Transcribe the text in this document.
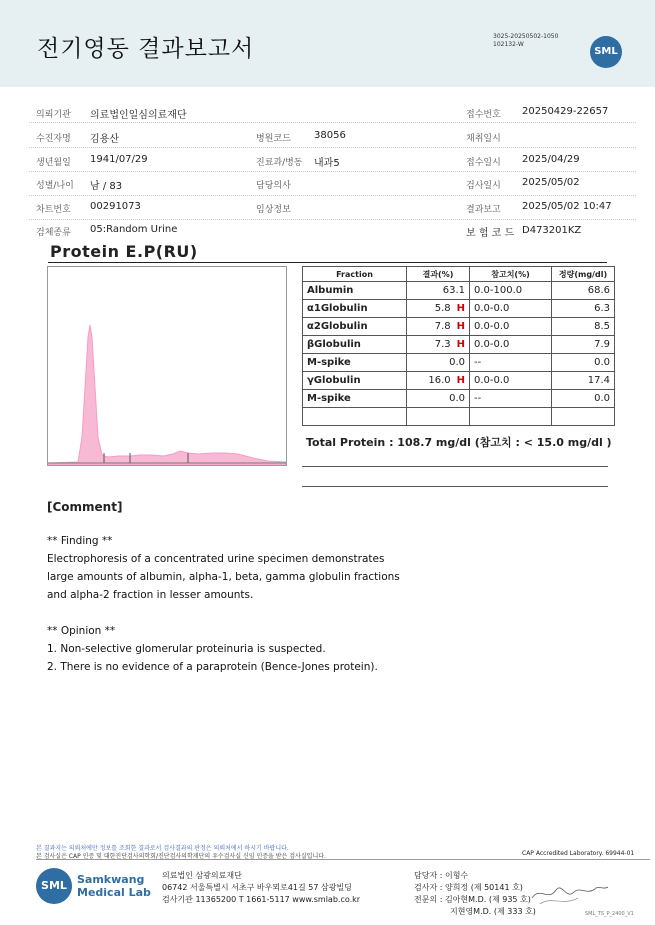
전기영동 결과보고서	3025-20250502-1050
102132-W
SML
의뢰기관 의료법인일심의료재단	접수번호 20250429-22657
수진자명 김용산	병원코드 38056	채취일시
생년월일 1941/07/29	진료과/병동 내과5	접수일시 2025/04/29
성별/나이 남 / 83	담당의사	검사일시 2025/05/02
차트번호 00291073	임상정보	결과보고 2025/05/02 10:47
검체종류 05:Random Urine	보 험 코 드 D473201KZ
Protein E.P(RU)
Fraction	결과(%)	참고치(%)	정량(mg/dl)
Albumin	63.1	0.0-100.0	68.6
α1Globulin	5.8 H	0.0-0.0	6.3
α2Globulin	7.8 H	0.0-0.0	8.5
βGlobulin	7.3 H	0.0-0.0	7.9
M-spike	0.0	--	0.0
γGlobulin	16.0 H	0.0-0.0	17.4
M-spike	0.0	--	0.0

Total Protein : 108.7 mg/dl (참고치 : < 15.0 mg/dl )
[Comment]
** Finding **
Electrophoresis of a concentrated urine specimen demonstrates
large amounts of albumin, alpha-1, beta, gamma globulin fractions
and alpha-2 fraction in lesser amounts.
** Opinion **
1. Non-selective glomerular proteinuria is suspected.
2. There is no evidence of a paraprotein (Bence-Jones protein).
본 결과지는 의뢰처에만 정보를 조회한 결과로서 검사결과의 판정은 의뢰처에서 하시기 바랍니다.
본 검사실은 CAP 인증 및 대한진단검사의학회/진단검사의학재단의 우수검사실 신임 인증을 받은 검사실입니다.	CAP Accredited Laboratory. 69944-01
SML Samkwang
Medical Lab
의료법인 삼광의료재단
06742 서울특별시 서초구 바우뫼로41길 57 삼광빌딩
검사기관 11365200 T 1661-5117 www.smlab.co.kr
담당자 : 이형수
검사자 : 양희정 (제 50141 호)
전문의 : 김아현M.D. (제 935 호)
지현영M.D. (제 333 호)	SML_TS_P_2400_V1
